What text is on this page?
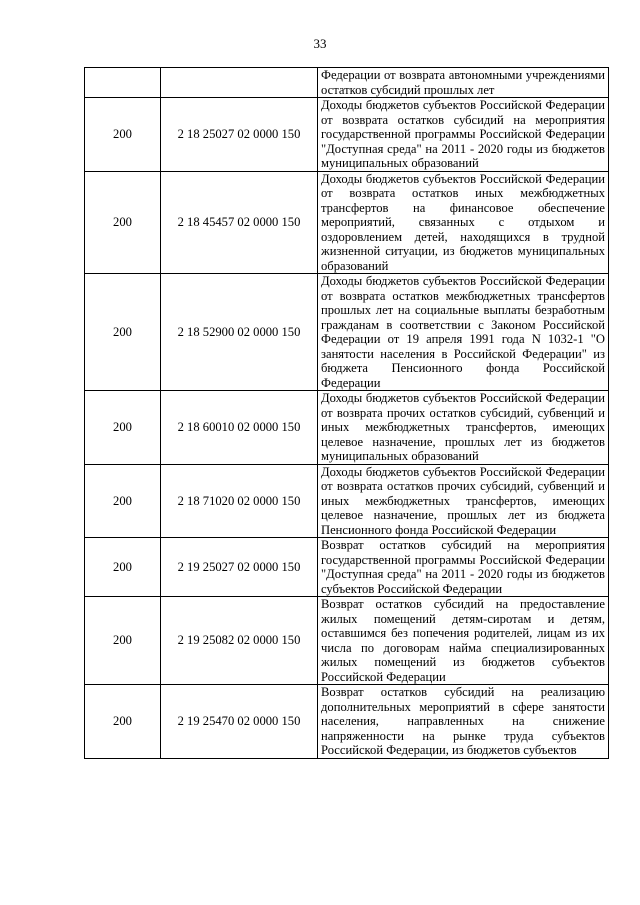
33
		Федерации от возврата автономными учреждениями остатков субсидий прошлых лет
200	2 18 25027 02 0000 150	Доходы бюджетов субъектов Российской Федерации от возврата остатков субсидий на мероприятия государственной программы Российской Федерации "Доступная среда" на 2011 - 2020 годы из бюджетов муниципальных образований
200	2 18 45457 02 0000 150	Доходы бюджетов субъектов Российской Федерации от возврата остатков иных межбюджетных трансфертов на финансовое обеспечение мероприятий, связанных с отдыхом и оздоровлением детей, находящихся в трудной жизненной ситуации, из бюджетов муниципальных образований
200	2 18 52900 02 0000 150	Доходы бюджетов субъектов Российской Федерации от возврата остатков межбюджетных трансфертов прошлых лет на социальные выплаты безработным гражданам в соответствии с Законом Российской Федерации от 19 апреля 1991 года N 1032-1 "О занятости населения в Российской Федерации" из бюджета Пенсионного фонда Российской Федерации
200	2 18 60010 02 0000 150	Доходы бюджетов субъектов Российской Федерации от возврата прочих остатков субсидий, субвенций и иных межбюджетных трансфертов, имеющих целевое назначение, прошлых лет из бюджетов муниципальных образований
200	2 18 71020 02 0000 150	Доходы бюджетов субъектов Российской Федерации от возврата остатков прочих субсидий, субвенций и иных межбюджетных трансфертов, имеющих целевое назначение, прошлых лет из бюджета Пенсионного фонда Российской Федерации
200	2 19 25027 02 0000 150	Возврат остатков субсидий на мероприятия государственной программы Российской Федерации "Доступная среда" на 2011 - 2020 годы из бюджетов субъектов Российской Федерации
200	2 19 25082 02 0000 150	Возврат остатков субсидий на предоставление жилых помещений детям-сиротам и детям, оставшимся без попечения родителей, лицам из их числа по договорам найма специализированных жилых помещений из бюджетов субъектов Российской Федерации
200	2 19 25470 02 0000 150	Возврат остатков субсидий на реализацию дополнительных мероприятий в сфере занятости населения, направленных на снижение напряженности на рынке труда субъектов Российской Федерации, из бюджетов субъектов
